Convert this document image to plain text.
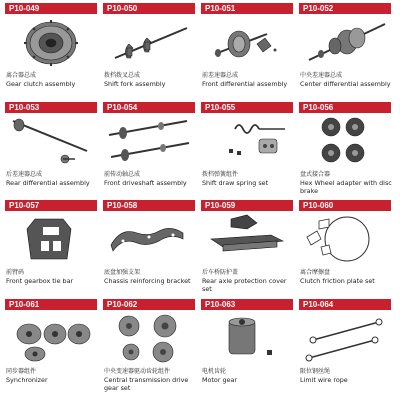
P10-049
离合器总成
Gear clutch assembly
P10-050
拨档拨叉总成
Shift fork assembly
P10-051
前差速器总成
Front differential assembly
P10-052
中央差速器总成
Center differential assembly
P10-053
后差速器总成
Rear differential assembly
P10-054
前传动轴总成
Front driveshaft assembly
P10-055
拨档弹簧组件
Shift draw spring set
P10-056
盘式接合器
Hex Wheel adapter with disc brake
P10-057
前臂码
Front gearbox tie bar
P10-058
底盘加强支架
Chassis reinforcing bracket
P10-059
后车桥防护盖
Rear axle protection cover set
P10-060
离合摩擦盘
Clutch friction plate set
P10-061
同步器组件
Synchronizer
P10-062
中央变速器驱动齿轮组件
Central transmission drive gear set
P10-063
电机齿轮
Motor gear
P10-064
限位钢丝绳
Limit wire rope
